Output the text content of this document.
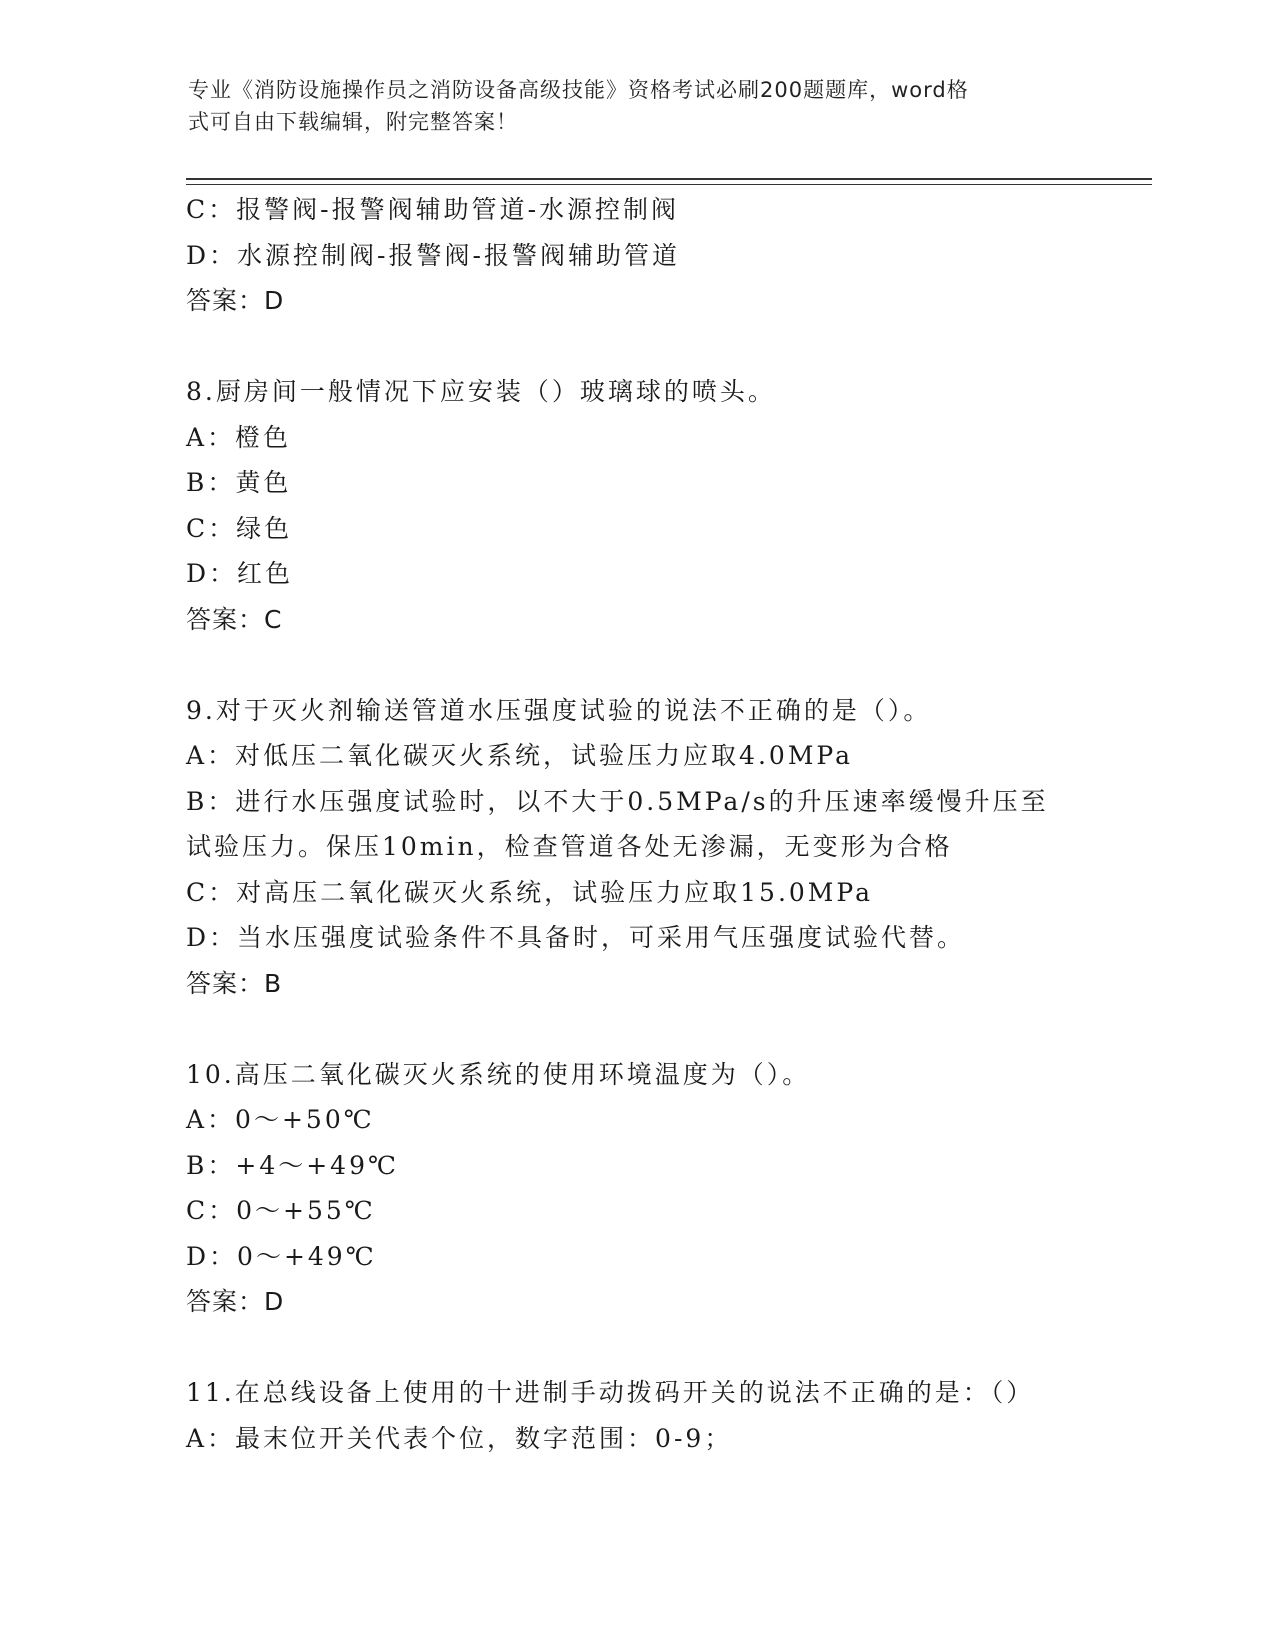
专业《消防设施操作员之消防设备高级技能》资格考试必刷200题题库，word格
式可自由下载编辑，附完整答案！
C：报警阀-报警阀辅助管道-水源控制阀
D：水源控制阀-报警阀-报警阀辅助管道
答案：D
8.厨房间一般情况下应安装（）玻璃球的喷头。
A：橙色
B：黄色
C：绿色
D：红色
答案：C
9.对于灭火剂输送管道水压强度试验的说法不正确的是（）。
A：对低压二氧化碳灭火系统，试验压力应取4.0MPa
B：进行水压强度试验时，以不大于0.5MPa/s的升压速率缓慢升压至
试验压力。保压10min，检查管道各处无渗漏，无变形为合格
C：对高压二氧化碳灭火系统，试验压力应取15.0MPa
D：当水压强度试验条件不具备时，可采用气压强度试验代替。
答案：B
10.高压二氧化碳灭火系统的使用环境温度为（）。
A：0～+50℃
B：+4～+49℃
C：0～+55℃
D：0～+49℃
答案：D
11.在总线设备上使用的十进制手动拨码开关的说法不正确的是：（）
A：最末位开关代表个位，数字范围：0-9；
